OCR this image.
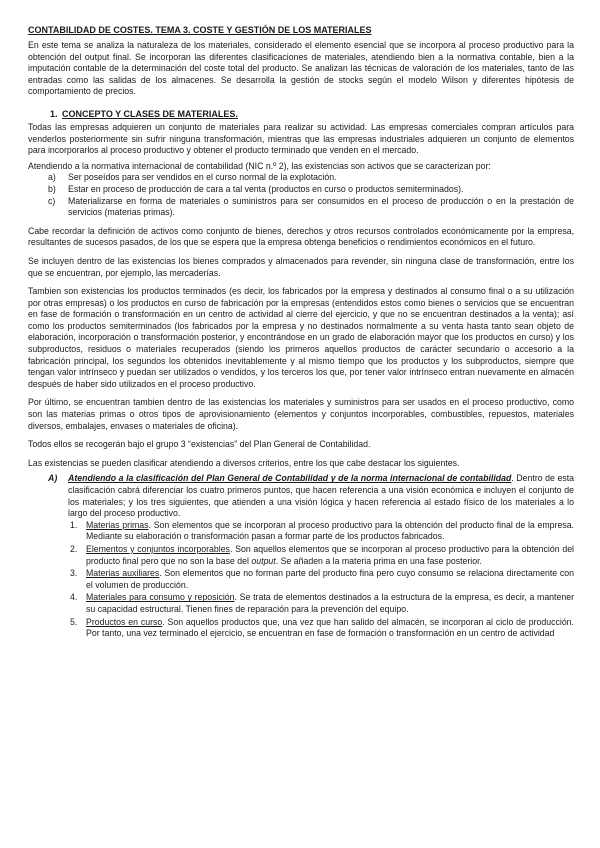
CONTABILIDAD DE COSTES. TEMA 3. COSTE Y GESTIÓN DE LOS MATERIALES

En este tema se analiza la naturaleza de los materiales, considerado el elemento esencial que se incorpora al proceso productivo para la obtención del output final. Se incorporan las diferentes clasificaciones de materiales, atendiendo bien a la normativa contable, bien a la imputación contable de la determinación del coste total del producto. Se analizan las técnicas de valoración de los materiales, tanto de las entradas como las salidas de los almacenes. Se desarrolla la gestión de stocks según el modelo Wilson y diferentes hipótesis de comportamiento de precios.

1. CONCEPTO Y CLASES DE MATERIALES.

Todas las empresas adquieren un conjunto de materiales para realizar su actividad. Las empresas comerciales compran artículos para venderlos posteriormente sin sufrir ninguna transformación, mientras que las empresas industriales adquieren un conjunto de elementos para incorporarlos al proceso productivo y obtener el producto terminado que venden en el mercado.

Atendiendo a la normativa internacional de contabilidad (NIC n.º 2), las existencias son activos que se caracterizan por:

a) Ser poseídos para ser vendidos en el curso normal de la explotación.
b) Estar en proceso de producción de cara a tal venta (productos en curso o productos semiterminados).
c) Materializarse en forma de materiales o suministros para ser consumidos en el proceso de producción o en la prestación de servicios (materias primas).

Cabe recordar la definición de activos como conjunto de bienes, derechos y otros recursos controlados económicamente por la empresa, resultantes de sucesos pasados, de los que se espera que la empresa obtenga beneficios o rendimientos económicos en el futuro.

Se incluyen dentro de las existencias los bienes comprados y almacenados para revender, sin ninguna clase de transformación, entre los que se encuentran, por ejemplo, las mercaderías.

Tambien son existencias los productos terminados (es decir, los fabricados por la empresa y destinados al consumo final o a su utilización por otras empresas) o los productos en curso de fabricación por la empresas (entendidos estos como bienes o servicios que se encuentran en fase de formación o transformación en un centro de actividad al cierre del ejercicio, y que no se encuentran destinados a la venta); así como los productos semiterminados (los fabricados por la empresa y no destinados normalmente a su venta hasta tanto sean objeto de elaboración, incorporación o transformación posterior, y encontrándose en un grado de elaboración mayor que los productos en curso) y los subproductos, residuos o materiales recuperados (siendo los primeros aquellos productos de carácter secundario o accesorio a la fabricación principal, los segundos los obtenidos inevitablemente y al mismo tiempo que los productos y los subproductos, siempre que tengan valor intrínseco y puedan ser utilizados o vendidos, y los terceros los que, por tener valor intrínseco entran nuevamente en almacén después de haber sido utilizados en el proceso productivo.

Por último, se encuentran tambien dentro de las existencias los materiales y suministros para ser usados en el proceso productivo, como son las materias primas o otros tipos de aprovisionamiento (elementos y conjuntos incorporables, combustibles, repuestos, materiales diversos, embalajes, envases o materiales de oficina).

Todos ellos se recogerán bajo el grupo 3 “existencias” del Plan General de Contabilidad.

Las existencias se pueden clasificar atendiendo a diversos criterios, entre los que cabe destacar los siguientes.

A) Atendiendo a la clasificación del Plan General de Contabilidad y de la norma internacional de contabilidad. Dentro de esta clasificación cabrá diferenciar los cuatro primeros puntos, que hacen referencia a una visión económica e incluyen el conjunto de los materiales; y los tres siguientes, que atienden a una visión lógica y hacen referencia al estado físico de los materiales a lo largo del proceso productivo.
1. Materias primas. Son elementos que se incorporan al proceso productivo para la obtención del producto final de la empresa. Mediante su elaboración o transformación pasan a formar parte de los productos fabricados.
2. Elementos y conjuntos incorporables. Son aquellos elementos que se incorporan al proceso productivo para la obtención del producto final pero que no son la base del output. Se añaden a la materia prima en una fase posterior.
3. Materias auxiliares. Son elementos que no forman parte del producto fina pero cuyo consumo se relaciona directamente con el volumen de producción.
4. Materiales para consumo y reposición. Se trata de elementos destinados a la estructura de la empresa, es decir, a mantener su capacidad estructural. Tienen fines de reparación para la prevención del equipo.
5. Productos en curso. Son aquellos productos que, una vez que han salido del almacén, se incorporan al ciclo de producción. Por tanto, una vez terminado el ejercicio, se encuentran en fase de formación o transformación en un centro de actividad
